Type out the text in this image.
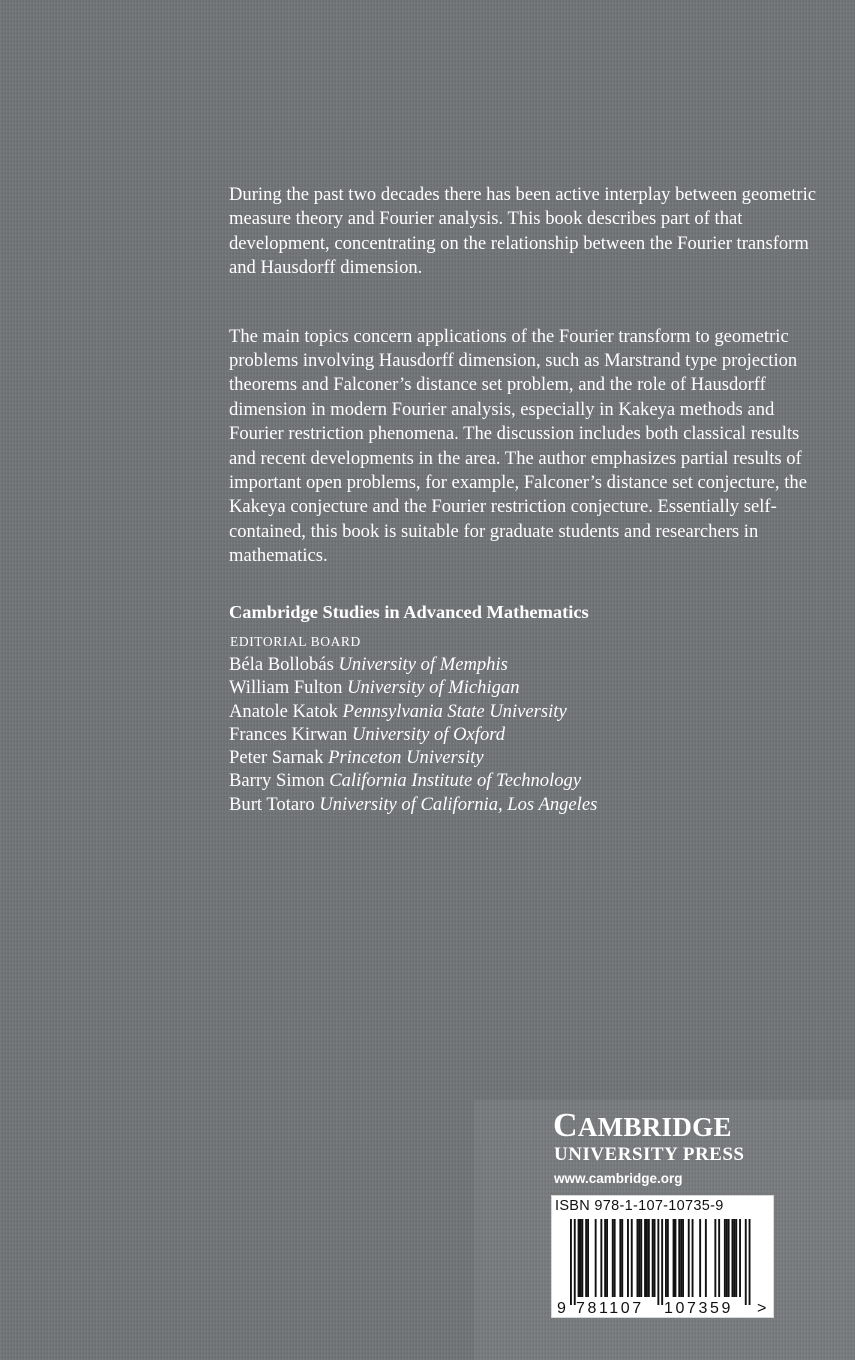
During the past two decades there has been active interplay between geometric measure theory and Fourier analysis. This book describes part of that development, concentrating on the relationship between the Fourier transform and Hausdorff dimension.

The main topics concern applications of the Fourier transform to geometric problems involving Hausdorff dimension, such as Marstrand type projection theorems and Falconer’s distance set problem, and the role of Hausdorff dimension in modern Fourier analysis, especially in Kakeya methods and Fourier restriction phenomena. The discussion includes both classical results and recent developments in the area. The author emphasizes partial results of important open problems, for example, Falconer’s distance set conjecture, the Kakeya conjecture and the Fourier restriction conjecture. Essentially self-contained, this book is suitable for graduate students and researchers in mathematics.

Cambridge Studies in Advanced Mathematics
EDITORIAL BOARD
Béla Bollobás University of Memphis
William Fulton University of Michigan
Anatole Katok Pennsylvania State University
Frances Kirwan University of Oxford
Peter Sarnak Princeton University
Barry Simon California Institute of Technology
Burt Totaro University of California, Los Angeles
CAMBRIDGE
UNIVERSITY PRESS
www.cambridge.org
ISBN 978-1-107-10735-9
9 781107 107359 >
